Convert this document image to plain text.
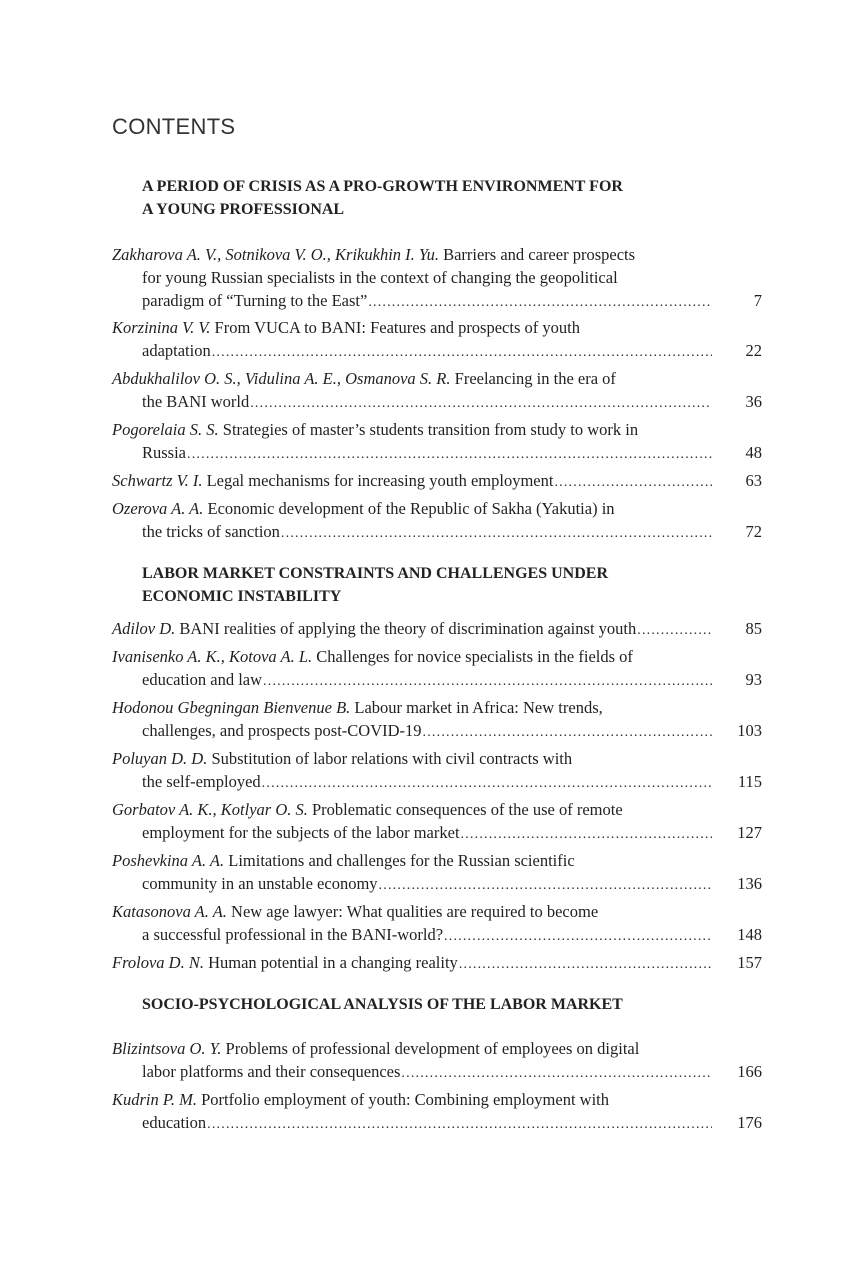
CONTENTS
A PERIOD OF CRISIS AS A PRO-GROWTH ENVIRONMENT FOR
A YOUNG PROFESSIONAL
Zakharova A. V., Sotnikova V. O., Krikukhin I. Yu. Barriers and career prospects
for young Russian specialists in the context of changing the geopolitical
paradigm of “Turning to the East” .....	7
Korzinina V. V. From VUCA to BANI: Features and prospects of youth
adaptation .....	22
Abdukhalilov O. S., Vidulina A. E., Osmanova S. R. Freelancing in the era of
the BANI world .....	36
Pogorelaia S. S. Strategies of master’s students transition from study to work in
Russia .....	48
Schwartz V. I. Legal mechanisms for increasing youth employment .....	63
Ozerova A. A. Economic development of the Republic of Sakha (Yakutia) in
the tricks of sanction .....	72
LABOR MARKET CONSTRAINTS AND CHALLENGES UNDER
ECONOMIC INSTABILITY
Adilov D. BANI realities of applying the theory of discrimination against youth .....	85
Ivanisenko A. K., Kotova A. L. Challenges for novice specialists in the fields of
education and law .....	93
Hodonou Gbegningan Bienvenue B. Labour market in Africa: New trends,
challenges, and prospects post-COVID-19 .....	103
Poluyan D. D. Substitution of labor relations with civil contracts with
the self-employed .....	115
Gorbatov A. K., Kotlyar O. S. Problematic consequences of the use of remote
employment for the subjects of the labor market .....	127
Poshevkina A. A. Limitations and challenges for the Russian scientific
community in an unstable economy .....	136
Katasonova A. A. New age lawyer: What qualities are required to become
a successful professional in the BANI-world? .....	148
Frolova D. N. Human potential in a changing reality .....	157
SOCIO-PSYCHOLOGICAL ANALYSIS OF THE LABOR MARKET
Blizintsova O. Y. Problems of professional development of employees on digital
labor platforms and their consequences .....	166
Kudrin P. M. Portfolio employment of youth: Combining employment with
education .....	176
